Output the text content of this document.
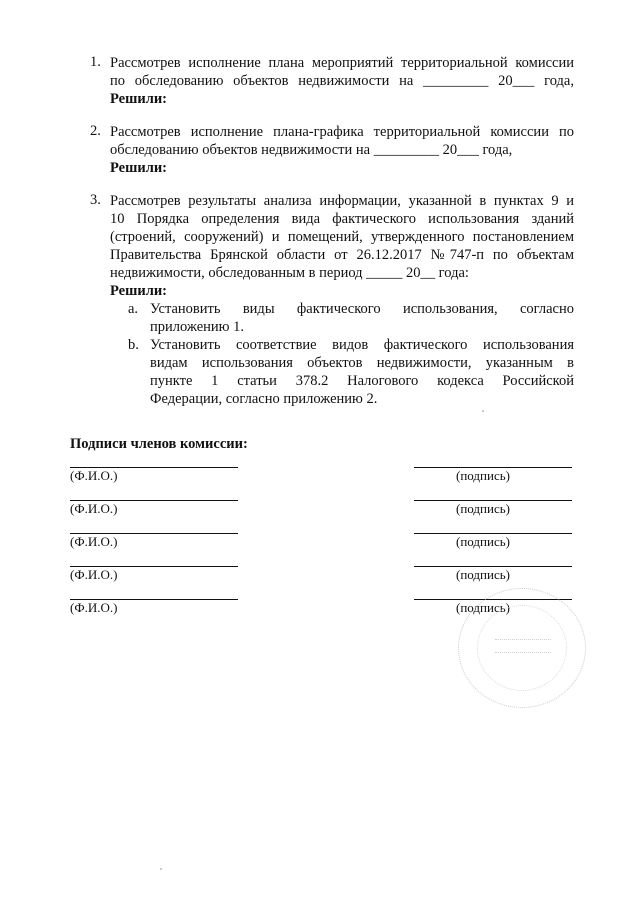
1. Рассмотрев исполнение плана мероприятий территориальной комиссии
по обследованию объектов недвижимости на _________ 20___ года,
Решили:
2. Рассмотрев исполнение плана-графика территориальной комиссии по
обследованию объектов недвижимости на _________ 20___ года,
Решили:
3. Рассмотрев результаты анализа информации, указанной в пунктах 9 и
10 Порядка определения вида фактического использования зданий
(строений, сооружений) и помещений, утвержденного постановлением
Правительства Брянской области от 26.12.2017 №747-п по объектам
недвижимости, обследованным в период _____ 20__ года:
Решили:
a. Установить виды фактического использования, согласно
приложению 1.
b. Установить соответствие видов фактического использования
видам использования объектов недвижимости, указанным в
пункте 1 статьи 378.2 Налогового кодекса Российской
Федерации, согласно приложению 2.
Подписи членов комиссии:
(Ф.И.О.)	(подпись)
(Ф.И.О.)	(подпись)
(Ф.И.О.)	(подпись)
(Ф.И.О.)	(подпись)
(Ф.И.О.)	(подпись)
